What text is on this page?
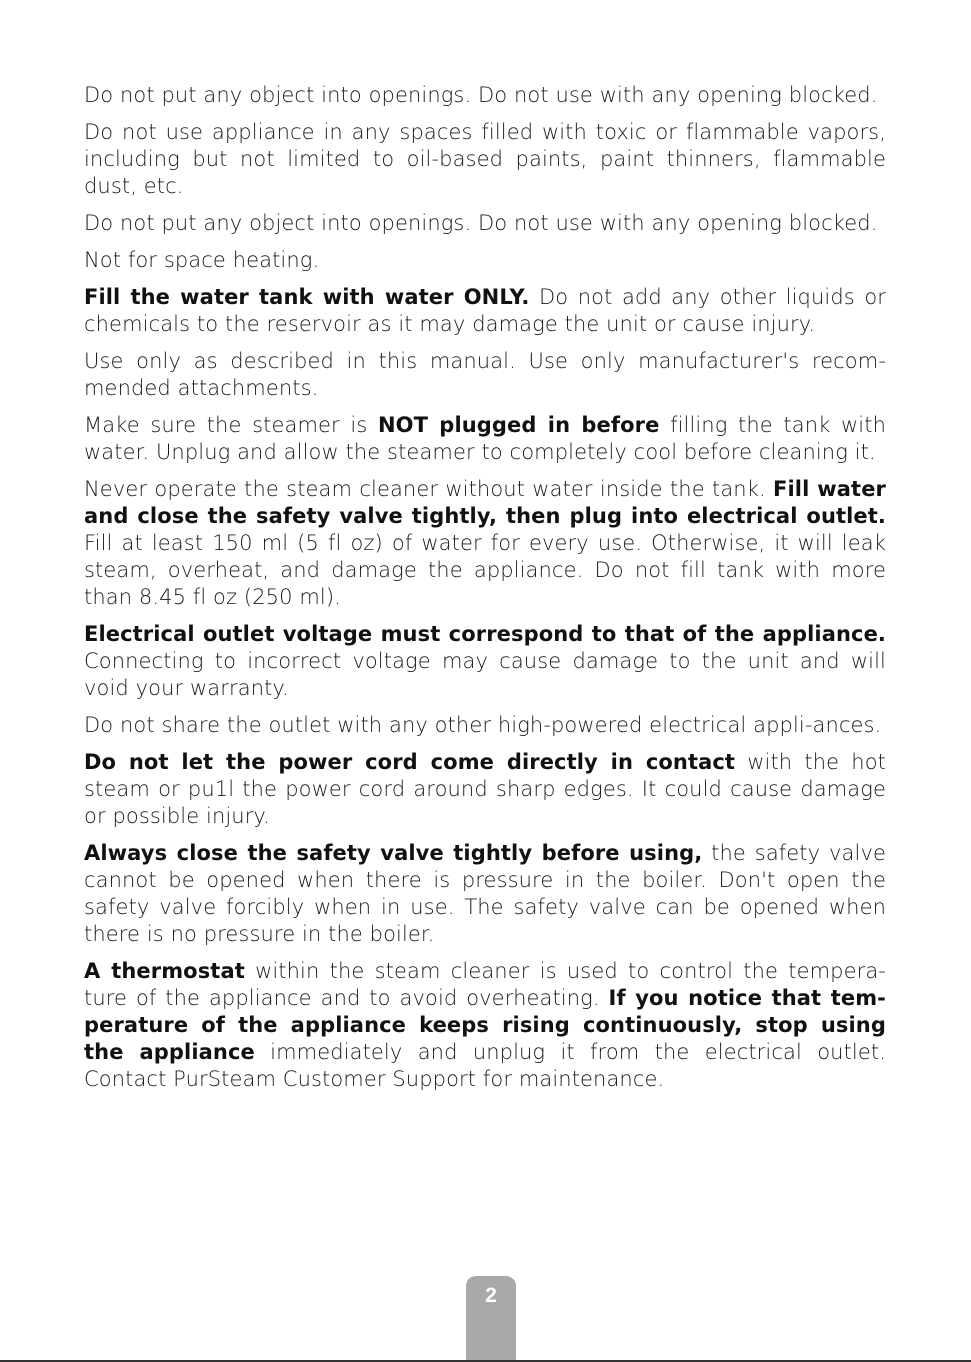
Do not put any object into openings. Do not use with any opening blocked.

Do not use appliance in any spaces filled with toxic or flammable vapors, including but not limited to oil-based paints, paint thinners, flammable dust, etc.

Do not put any object into openings. Do not use with any opening blocked.

Not for space heating.

Fill the water tank with water ONLY. Do not add any other liquids or chemicals to the reservoir as it may damage the unit or cause injury.

Use only as described in this manual. Use only manufacturer's recom-mended attachments.

Make sure the steamer is NOT plugged in before filling the tank with water. Unplug and allow the steamer to completely cool before cleaning it.

Never operate the steam cleaner without water inside the tank. Fill water and close the safety valve tightly, then plug into electrical outlet. Fill at least 150 ml (5 fl oz) of water for every use. Otherwise, it will leak steam, overheat, and damage the appliance. Do not fill tank with more than 8.45 fl oz (250 ml).

Electrical outlet voltage must correspond to that of the appliance. Connecting to incorrect voltage may cause damage to the unit and will void your warranty.

Do not share the outlet with any other high-powered electrical appli-ances.

Do not let the power cord come directly in contact with the hot steam or pu1l the power cord around sharp edges. It could cause damage or possible injury.

Always close the safety valve tightly before using, the safety valve cannot be opened when there is pressure in the boiler. Don't open the safety valve forcibly when in use. The safety valve can be opened when there is no pressure in the boiler.

A thermostat within the steam cleaner is used to control the tempera-ture of the appliance and to avoid overheating. If you notice that tem-perature of the appliance keeps rising continuously, stop using the appliance immediately and unplug it from the electrical outlet. Contact PurSteam Customer Support for maintenance.

2
